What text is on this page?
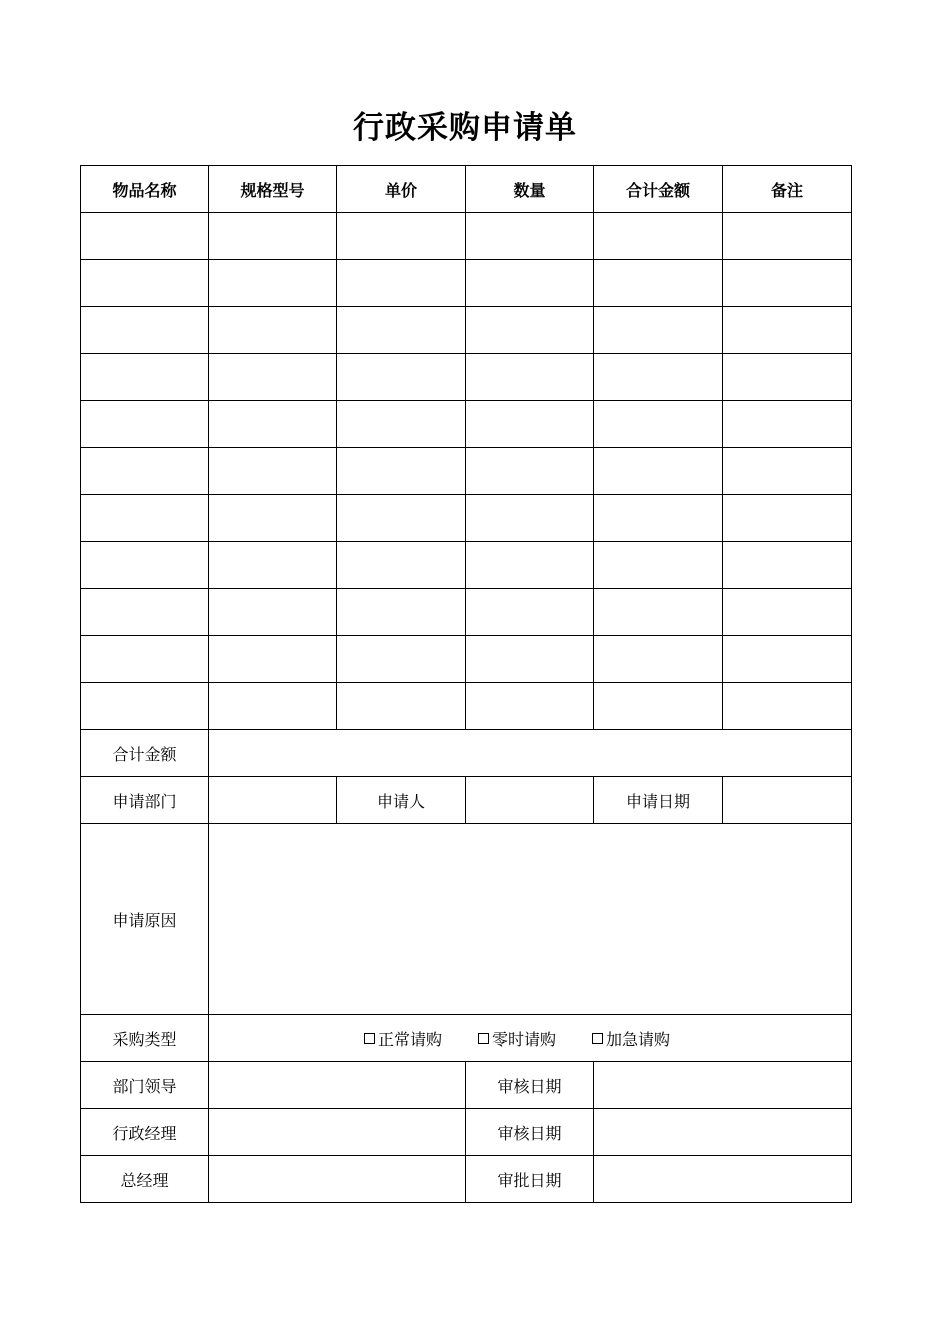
行政采购申请单
物品名称	规格型号	单价	数量	合计金额	备注

合计金额					
申请部门		申请人		申请日期	
申请原因					
采购类型	正常请购 零时请购 加急请购				

部门领导			审核日期		
行政经理			审核日期		
总经理			审批日期		
